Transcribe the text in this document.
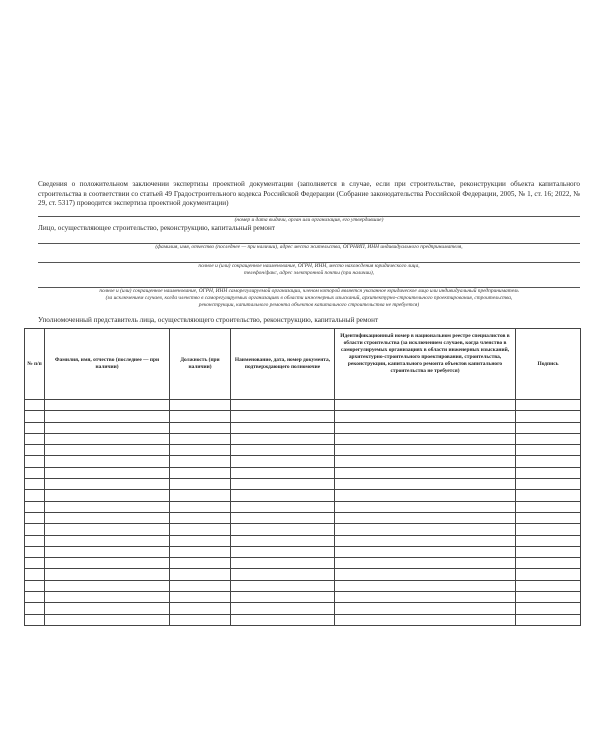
Сведения о положительном заключении экспертизы проектной документации (заполняется в случае, если при строительстве, реконструкции объекта капитального строительства в соответствии со статьей 49 Градостроительного кодекса Российской Федерации (Собрание законодательства Российской Федерации, 2005, № 1, ст. 16; 2022, № 29, ст. 5317) проводится экспертиза проектной документации)

(номер и дата выдачи, орган или организация, его утвердившие)

Лицо, осуществляющее строительство, реконструкцию, капитальный ремонт

(фамилия, имя, отчество (последнее — при наличии), адрес места жительства, ОГРНИП, ИНН индивидуального предпринимателя,

полное и (или) сокращенное наименование, ОГРН, ИНН, место нахождения юридического лица,

телефон/факс, адрес электронной почты (при наличии),

полное и (или) сокращенное наименование, ОГРН, ИНН саморегулируемой организации, членом которой является указанное юридическое лицо или индивидуальный предприниматель

(за исключением случаев, когда членство в саморегулируемых организациях в области инженерных изысканий, архитектурно-строительного проектирования, строительства,

реконструкции, капитального ремонта объектов капитального строительства не требуется)

Уполномоченный представитель лица, осуществляющего строительство, реконструкцию, капитальный ремонт

№ п/п	Фамилия, имя, отчество (последнее — при наличии)	Должность (при наличии)	Наименование, дата, номер документа, подтверждающего полномочие	Идентификационный номер в национальном реестре специалистов в области строительства (за исключением случаев, когда членство в саморегулируемых организациях в области инженерных изысканий, архитектурно-строительного проектирования, строительства, реконструкции, капитального ремонта объектов капитального строительства не требуется)	Подпись
